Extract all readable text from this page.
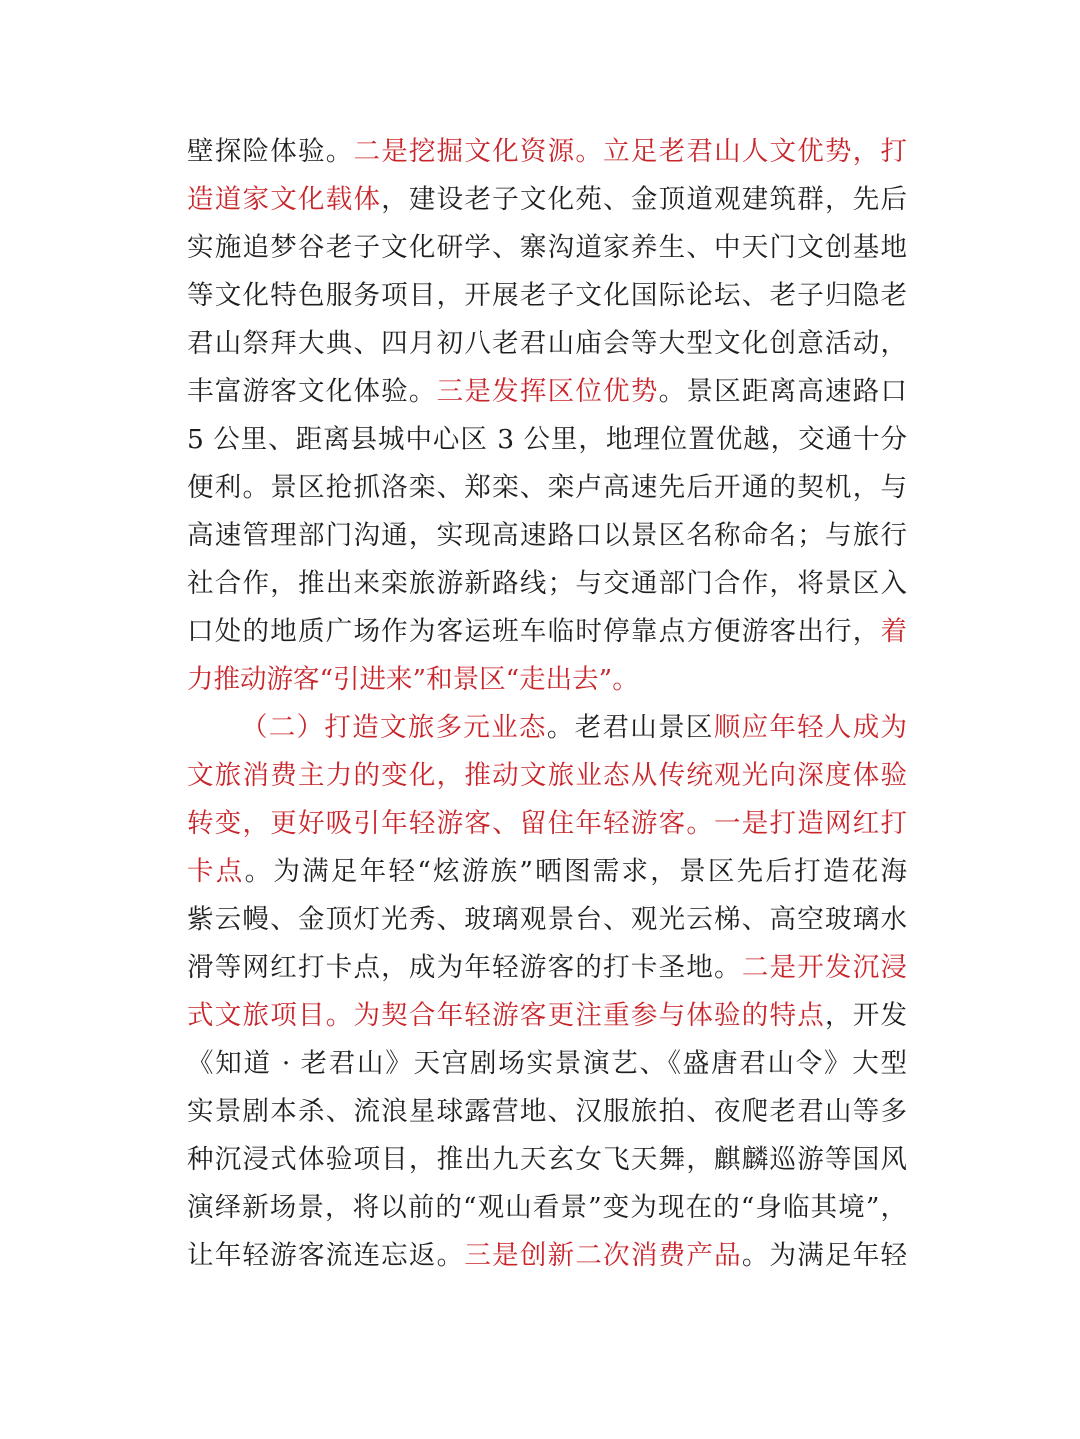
壁探险体验。二是挖掘文化资源。立足老君山人文优势，打
造道家文化载体，建设老子文化苑、金顶道观建筑群，先后
实施追梦谷老子文化研学、寨沟道家养生、中天门文创基地
等文化特色服务项目，开展老子文化国际论坛、老子归隐老
君山祭拜大典、四月初八老君山庙会等大型文化创意活动，
丰富游客文化体验。三是发挥区位优势。景区距离高速路口
5 公里、距离县城中心区 3 公里，地理位置优越，交通十分
便利。景区抢抓洛栾、郑栾、栾卢高速先后开通的契机，与
高速管理部门沟通，实现高速路口以景区名称命名；与旅行
社合作，推出来栾旅游新路线；与交通部门合作，将景区入
口处的地质广场作为客运班车临时停靠点方便游客出行，着
力推动游客“引进来”和景区“走出去”。
（二）打造文旅多元业态。老君山景区顺应年轻人成为
文旅消费主力的变化，推动文旅业态从传统观光向深度体验
转变，更好吸引年轻游客、留住年轻游客。一是打造网红打
卡点。为满足年轻“炫游族”晒图需求，景区先后打造花海
紫云幔、金顶灯光秀、玻璃观景台、观光云梯、高空玻璃水
滑等网红打卡点，成为年轻游客的打卡圣地。二是开发沉浸
式文旅项目。为契合年轻游客更注重参与体验的特点，开发
《知道 · 老君山》天宫剧场实景演艺、《盛唐君山令》大型
实景剧本杀、流浪星球露营地、汉服旅拍、夜爬老君山等多
种沉浸式体验项目，推出九天玄女飞天舞，麒麟巡游等国风
演绎新场景，将以前的“观山看景”变为现在的“身临其境”，
让年轻游客流连忘返。三是创新二次消费产品。为满足年轻
